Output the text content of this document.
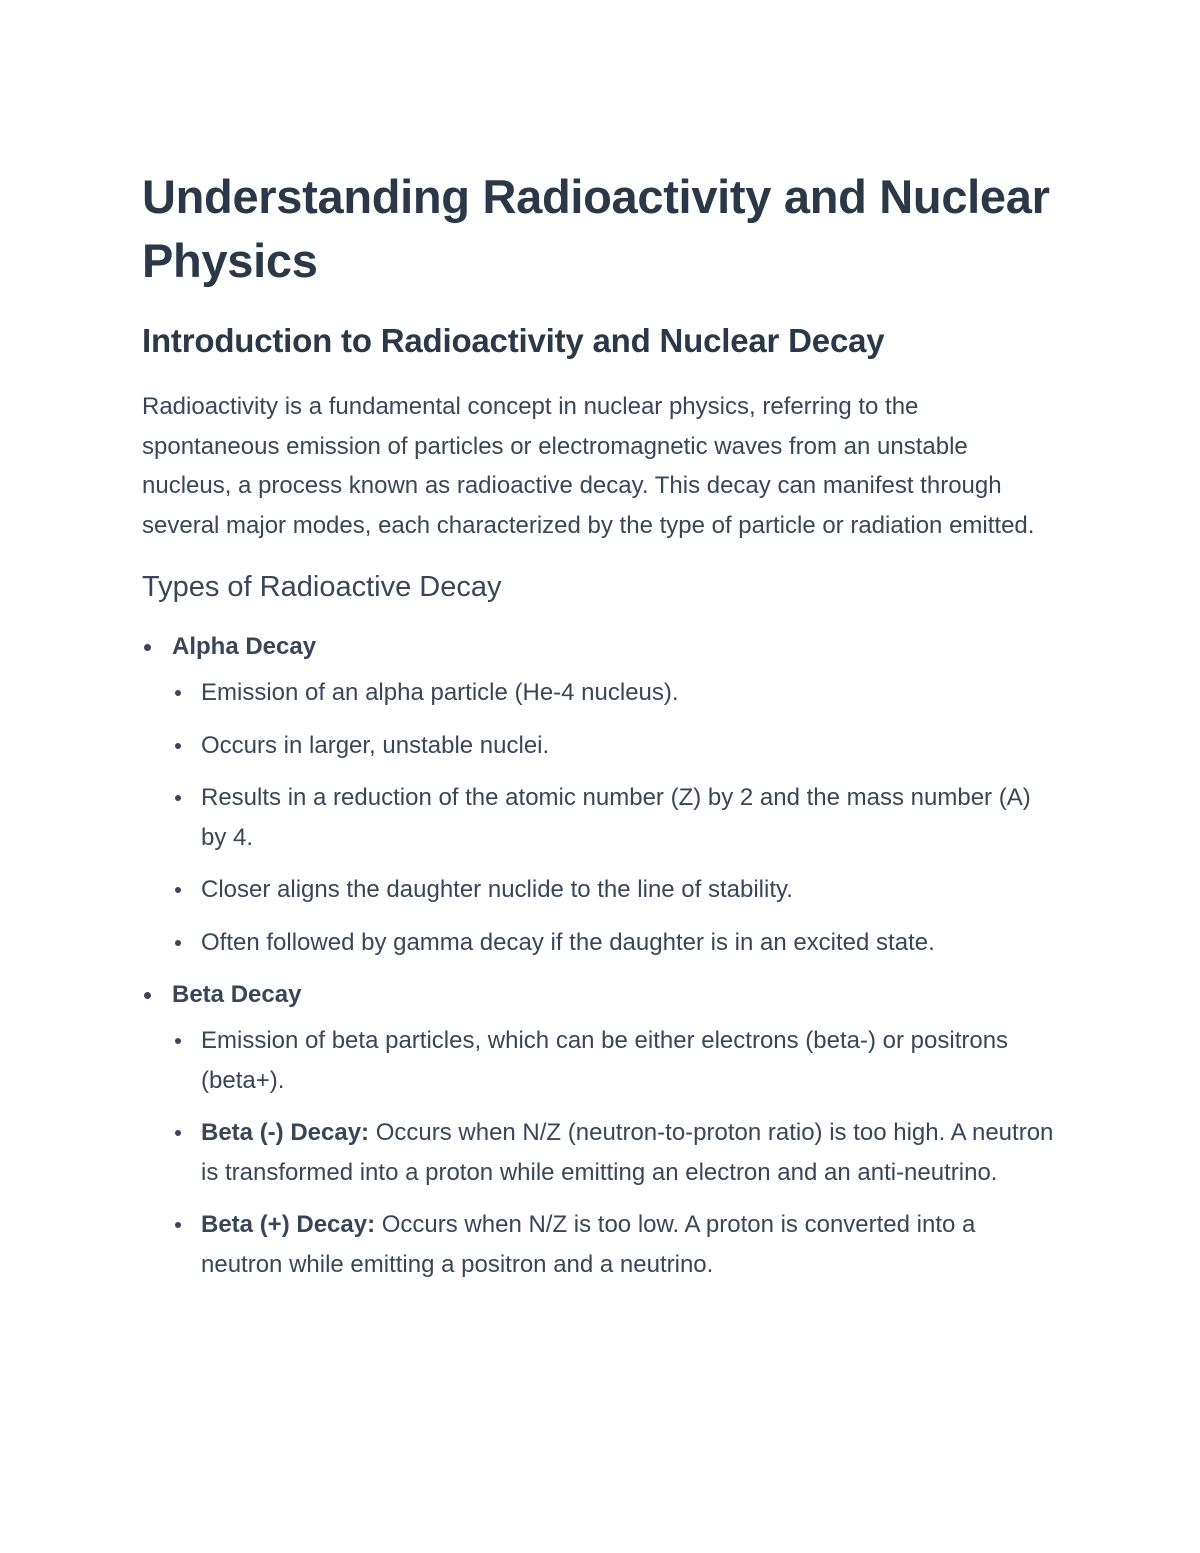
Understanding Radioactivity and Nuclear Physics
Introduction to Radioactivity and Nuclear Decay

Radioactivity is a fundamental concept in nuclear physics, referring to the spontaneous emission of particles or electromagnetic waves from an unstable nucleus, a process known as radioactive decay. This decay can manifest through several major modes, each characterized by the type of particle or radiation emitted.

Types of Radioactive Decay
Alpha Decay
Emission of an alpha particle (He-4 nucleus).
Occurs in larger, unstable nuclei.
Results in a reduction of the atomic number (Z) by 2 and the mass number (A) by 4.
Closer aligns the daughter nuclide to the line of stability.
Often followed by gamma decay if the daughter is in an excited state.
Beta Decay
Emission of beta particles, which can be either electrons (beta-) or positrons (beta+).
Beta (-) Decay: Occurs when N/Z (neutron-to-proton ratio) is too high. A neutron is transformed into a proton while emitting an electron and an anti-neutrino.
Beta (+) Decay: Occurs when N/Z is too low. A proton is converted into a neutron while emitting a positron and a neutrino.
